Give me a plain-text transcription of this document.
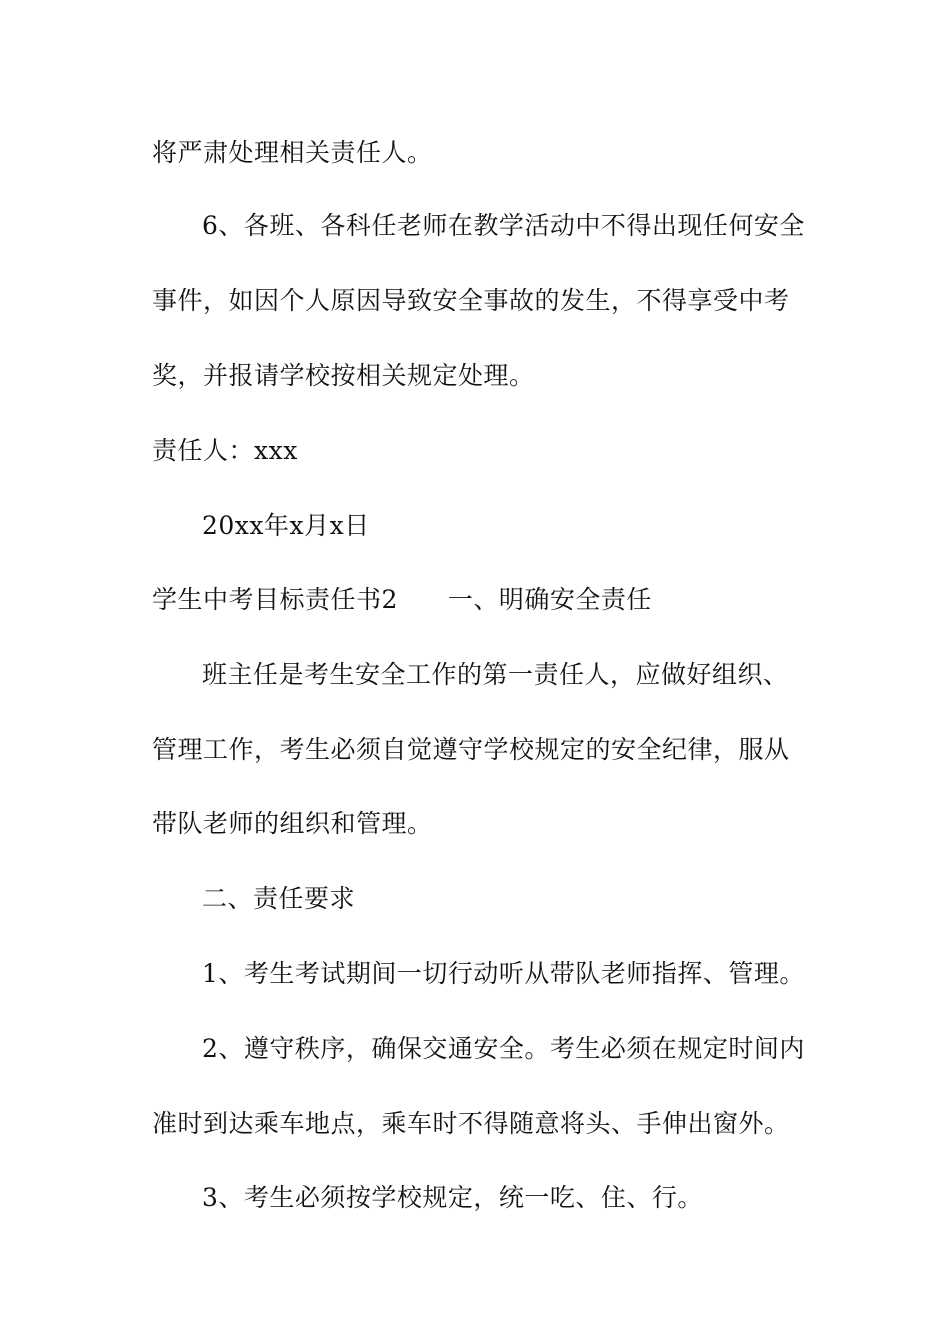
将严肃处理相关责任人。
6、各班、各科任老师在教学活动中不得出现任何安全
事件，如因个人原因导致安全事故的发生，不得享受中考
奖，并报请学校按相关规定处理。
责任人：xxx
20xx年x月x日
学生中考目标责任书2 一、明确安全责任
班主任是考生安全工作的第一责任人，应做好组织、
管理工作，考生必须自觉遵守学校规定的安全纪律，服从
带队老师的组织和管理。
二、责任要求
1、考生考试期间一切行动听从带队老师指挥、管理。
2、遵守秩序，确保交通安全。考生必须在规定时间内
准时到达乘车地点，乘车时不得随意将头、手伸出窗外。
3、考生必须按学校规定，统一吃、住、行。
